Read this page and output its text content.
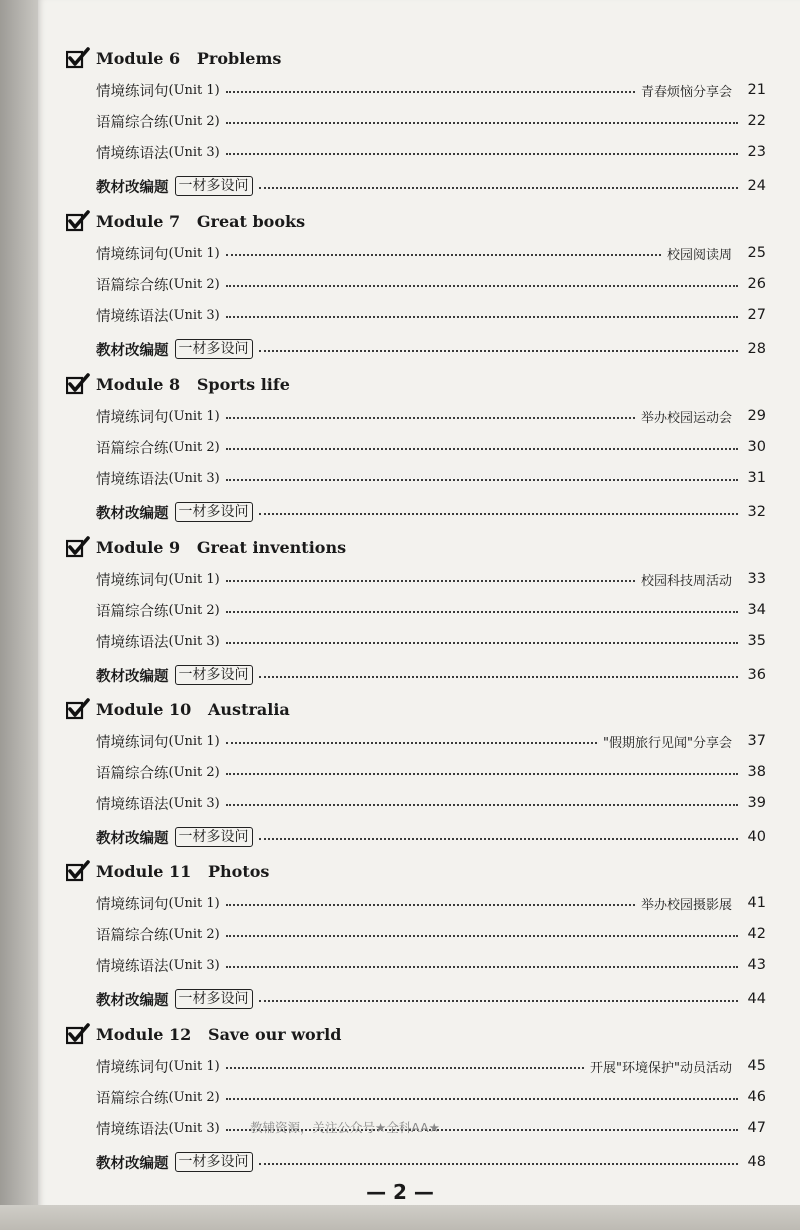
Module 6   Problems
情境练词句 (Unit 1)	青春烦恼分享会 21
语篇综合练 (Unit 2)	22
情境练语法 (Unit 3)	23
教材改编题 一材多设问	24
Module 7   Great books
情境练词句 (Unit 1)	校园阅读周 25
语篇综合练 (Unit 2)	26
情境练语法 (Unit 3)	27
教材改编题 一材多设问	28
Module 8   Sports life
情境练词句 (Unit 1)	举办校园运动会 29
语篇综合练 (Unit 2)	30
情境练语法 (Unit 3)	31
教材改编题 一材多设问	32
Module 9   Great inventions
情境练词句 (Unit 1)	校园科技周活动 33
语篇综合练 (Unit 2)	34
情境练语法 (Unit 3)	35
教材改编题 一材多设问	36
Module 10   Australia
情境练词句 (Unit 1)	"假期旅行见闻"分享会 37
语篇综合练 (Unit 2)	38
情境练语法 (Unit 3)	39
教材改编题 一材多设问	40
Module 11   Photos
情境练词句 (Unit 1)	举办校园摄影展 41
语篇综合练 (Unit 2)	42
情境练语法 (Unit 3)	43
教材改编题 一材多设问	44
Module 12   Save our world
情境练词句 (Unit 1)	开展"环境保护"动员活动 45
语篇综合练 (Unit 2)	46
情境练语法 (Unit 3)	47
教材改编题 一材多设问	48
教辅资源，关注公众号★全科AA★
— 2 —
